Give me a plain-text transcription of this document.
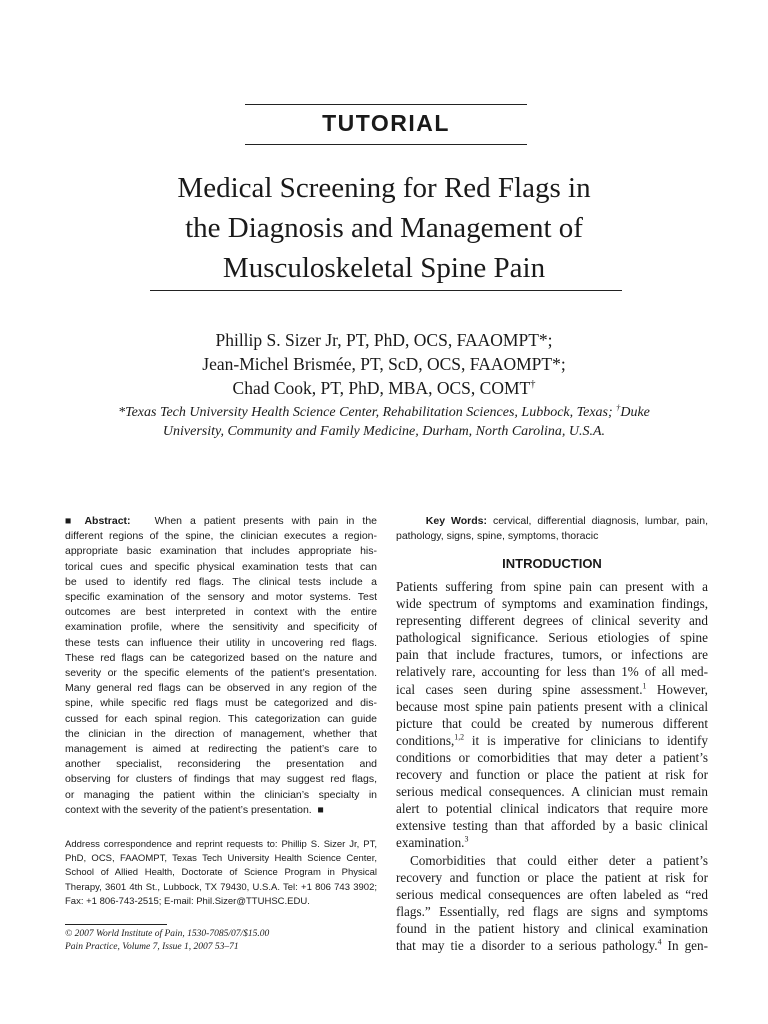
TUTORIAL
Medical Screening for Red Flags in
the Diagnosis and Management of
Musculoskeletal Spine Pain
Phillip S. Sizer Jr, PT, PhD, OCS, FAAOMPT*;
Jean-Michel Brismée, PT, ScD, OCS, FAAOMPT*;
Chad Cook, PT, PhD, MBA, OCS, COMT†
*Texas Tech University Health Science Center, Rehabilitation Sciences, Lubbock, Texas; †Duke
University, Community and Family Medicine, Durham, North Carolina, U.S.A.
■ Abstract: When a patient presents with pain in the
different regions of the spine, the clinician executes a region-
appropriate basic examination that includes appropriate his-
torical cues and specific physical examination tests that can
be used to identify red flags. The clinical tests include a
specific examination of the sensory and motor systems. Test
outcomes are best interpreted in context with the entire
examination profile, where the sensitivity and specificity of
these tests can influence their utility in uncovering red flags.
These red flags can be categorized based on the nature and
severity or the specific elements of the patient’s presentation.
Many general red flags can be observed in any region of the
spine, while specific red flags must be categorized and dis-
cussed for each spinal region. This categorization can guide
the clinician in the direction of management, whether that
management is aimed at redirecting the patient’s care to
another specialist, reconsidering the presentation and
observing for clusters of findings that may suggest red flags,
or managing the patient within the clinician’s specialty in
context with the severity of the patient’s presentation. ■
Address correspondence and reprint requests to: Phillip S. Sizer Jr, PT, PhD, OCS, FAAOMPT, Texas Tech University Health Science Center, School of Allied Health, Doctorate of Science Program in Physical Therapy, 3601 4th St., Lubbock, TX 79430, U.S.A. Tel: +1 806 743 3902; Fax: +1 806-743-2515; E-mail: Phil.Sizer@TTUHSC.EDU.
© 2007 World Institute of Pain, 1530-7085/07/$15.00
Pain Practice, Volume 7, Issue 1, 2007 53–71
Key Words: cervical, differential diagnosis, lumbar, pain, pathology, signs, spine, symptoms, thoracic
INTRODUCTION
Patients suffering from spine pain can present with a
wide spectrum of symptoms and examination findings,
representing different degrees of clinical severity and
pathological significance. Serious etiologies of spine
pain that include fractures, tumors, or infections are
relatively rare, accounting for less than 1% of all med-
ical cases seen during spine assessment.$^1$ However,
because most spine pain patients present with a clinical
picture that could be created by numerous different
conditions,$^{1,2}$ it is imperative for clinicians to identify
conditions or comorbidities that may deter a patient’s
recovery and function or place the patient at risk for
serious medical consequences. A clinician must remain
alert to potential clinical indicators that require more
extensive testing than that afforded by a basic clinical
examination.$^3$
Comorbidities that could either deter a patient’s
recovery and function or place the patient at risk for
serious medical consequences are often labeled as “red
flags.” Essentially, red flags are signs and symptoms
found in the patient history and clinical examination
that may tie a disorder to a serious pathology.$^4$ In gen-
